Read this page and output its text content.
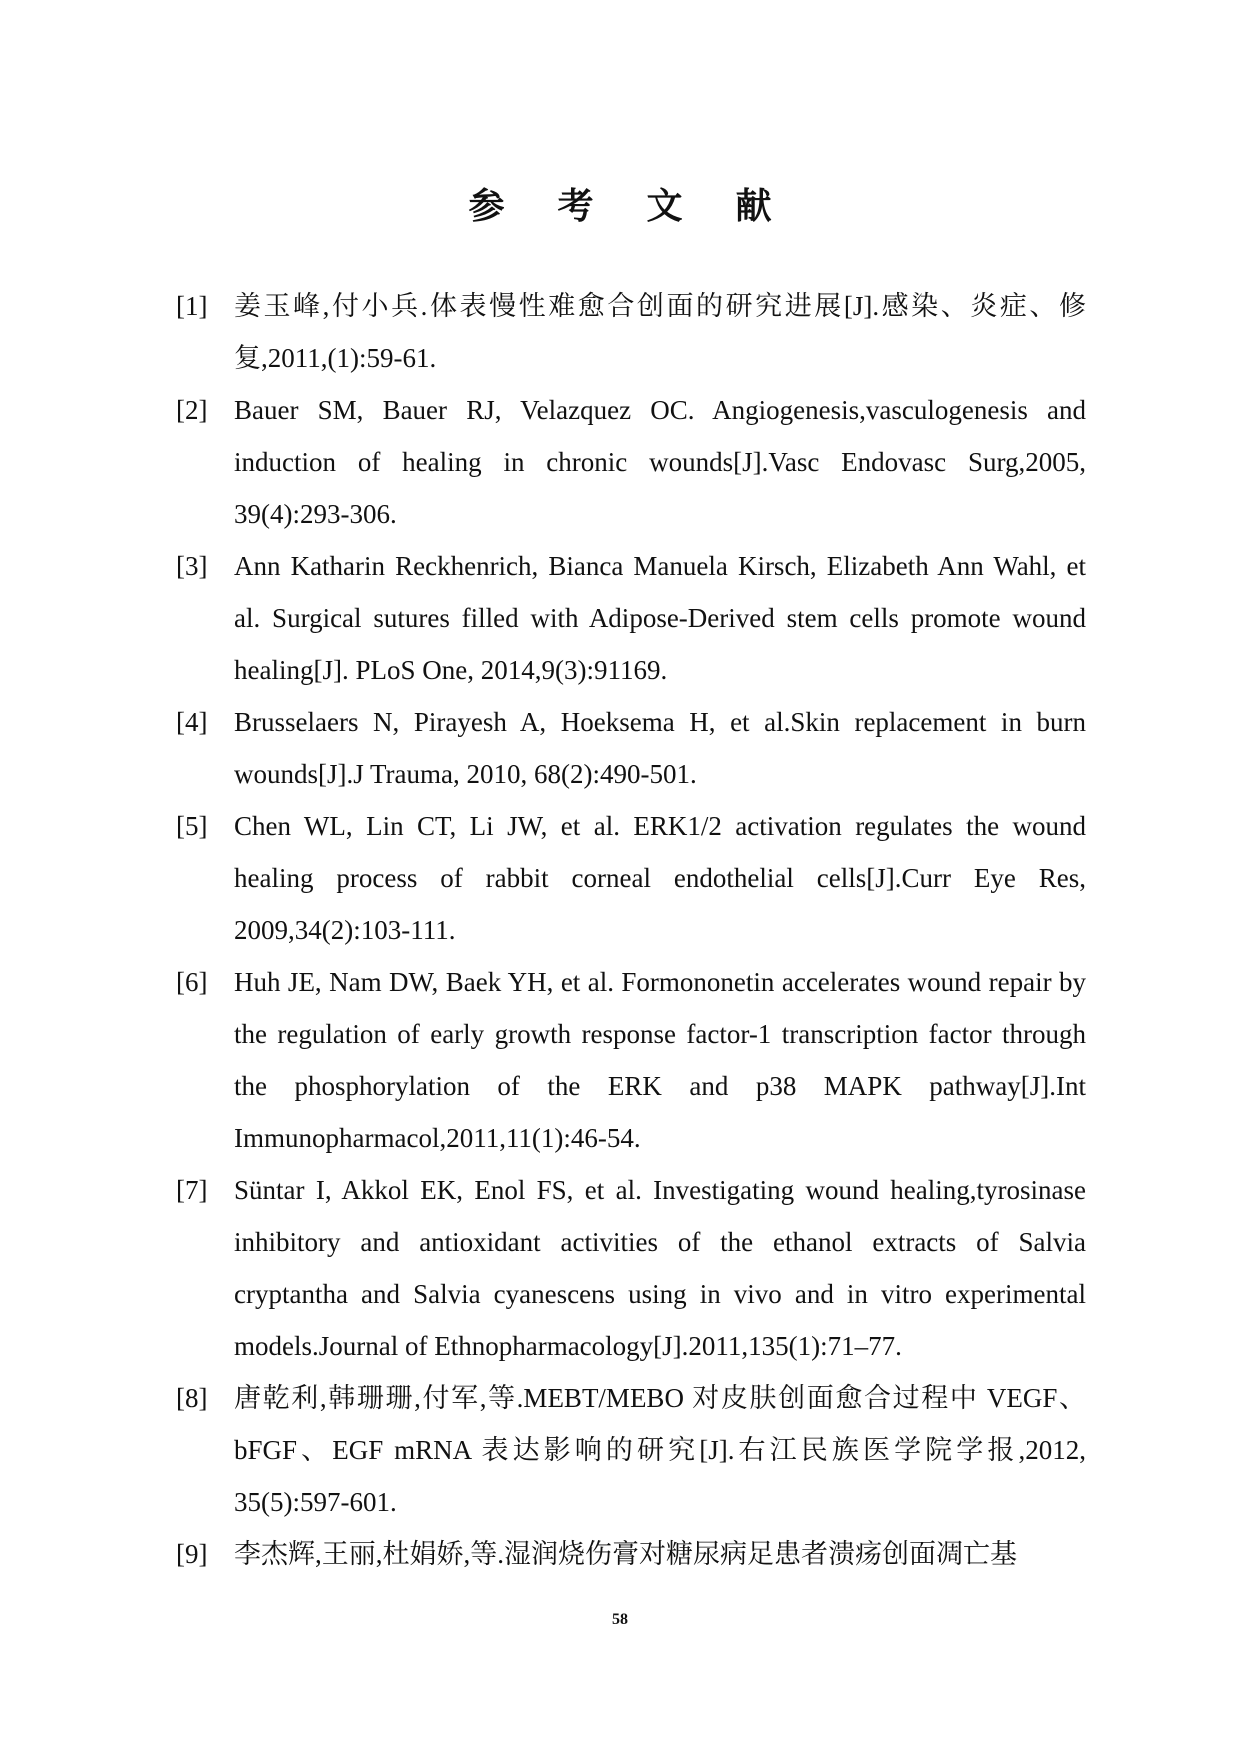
参 考 文 献
[1] 姜玉峰,付小兵.体表慢性难愈合创面的研究进展[J].感染、炎症、修复,2011,(1):59-61.
[2] Bauer SM, Bauer RJ, Velazquez OC. Angiogenesis,vasculogenesis and induction of healing in chronic wounds[J].Vasc Endovasc Surg,2005, 39(4):293-306.
[3] Ann Katharin Reckhenrich, Bianca Manuela Kirsch, Elizabeth Ann Wahl, et al. Surgical sutures filled with Adipose-Derived stem cells promote wound healing[J]. PLoS One, 2014,9(3):91169.
[4] Brusselaers N, Pirayesh A, Hoeksema H, et al.Skin replacement in burn wounds[J].J Trauma, 2010, 68(2):490-501.
[5] Chen WL, Lin CT, Li JW, et al. ERK1/2 activation regulates the wound healing process of rabbit corneal endothelial cells[J].Curr Eye Res, 2009,34(2):103-111.
[6] Huh JE, Nam DW, Baek YH, et al. Formononetin accelerates wound repair by the regulation of early growth response factor-1 transcription factor through the phosphorylation of the ERK and p38 MAPK pathway[J].Int Immunopharmacol,2011,11(1):46-54.
[7] Süntar I, Akkol EK, Enol FS, et al. Investigating wound healing,tyrosinase inhibitory and antioxidant activities of the ethanol extracts of Salvia cryptantha and Salvia cyanescens using in vivo and in vitro experimental models.Journal of Ethnopharmacology[J].2011,135(1):71–77.
[8] 唐乾利,韩珊珊,付军,等.MEBT/MEBO 对皮肤创面愈合过程中 VEGF、bFGF、EGF mRNA 表达影响的研究[J].右江民族医学院学报,2012, 35(5):597-601.
[9] 李杰辉,王丽,杜娟娇,等.湿润烧伤膏对糖尿病足患者溃疡创面凋亡基
58
